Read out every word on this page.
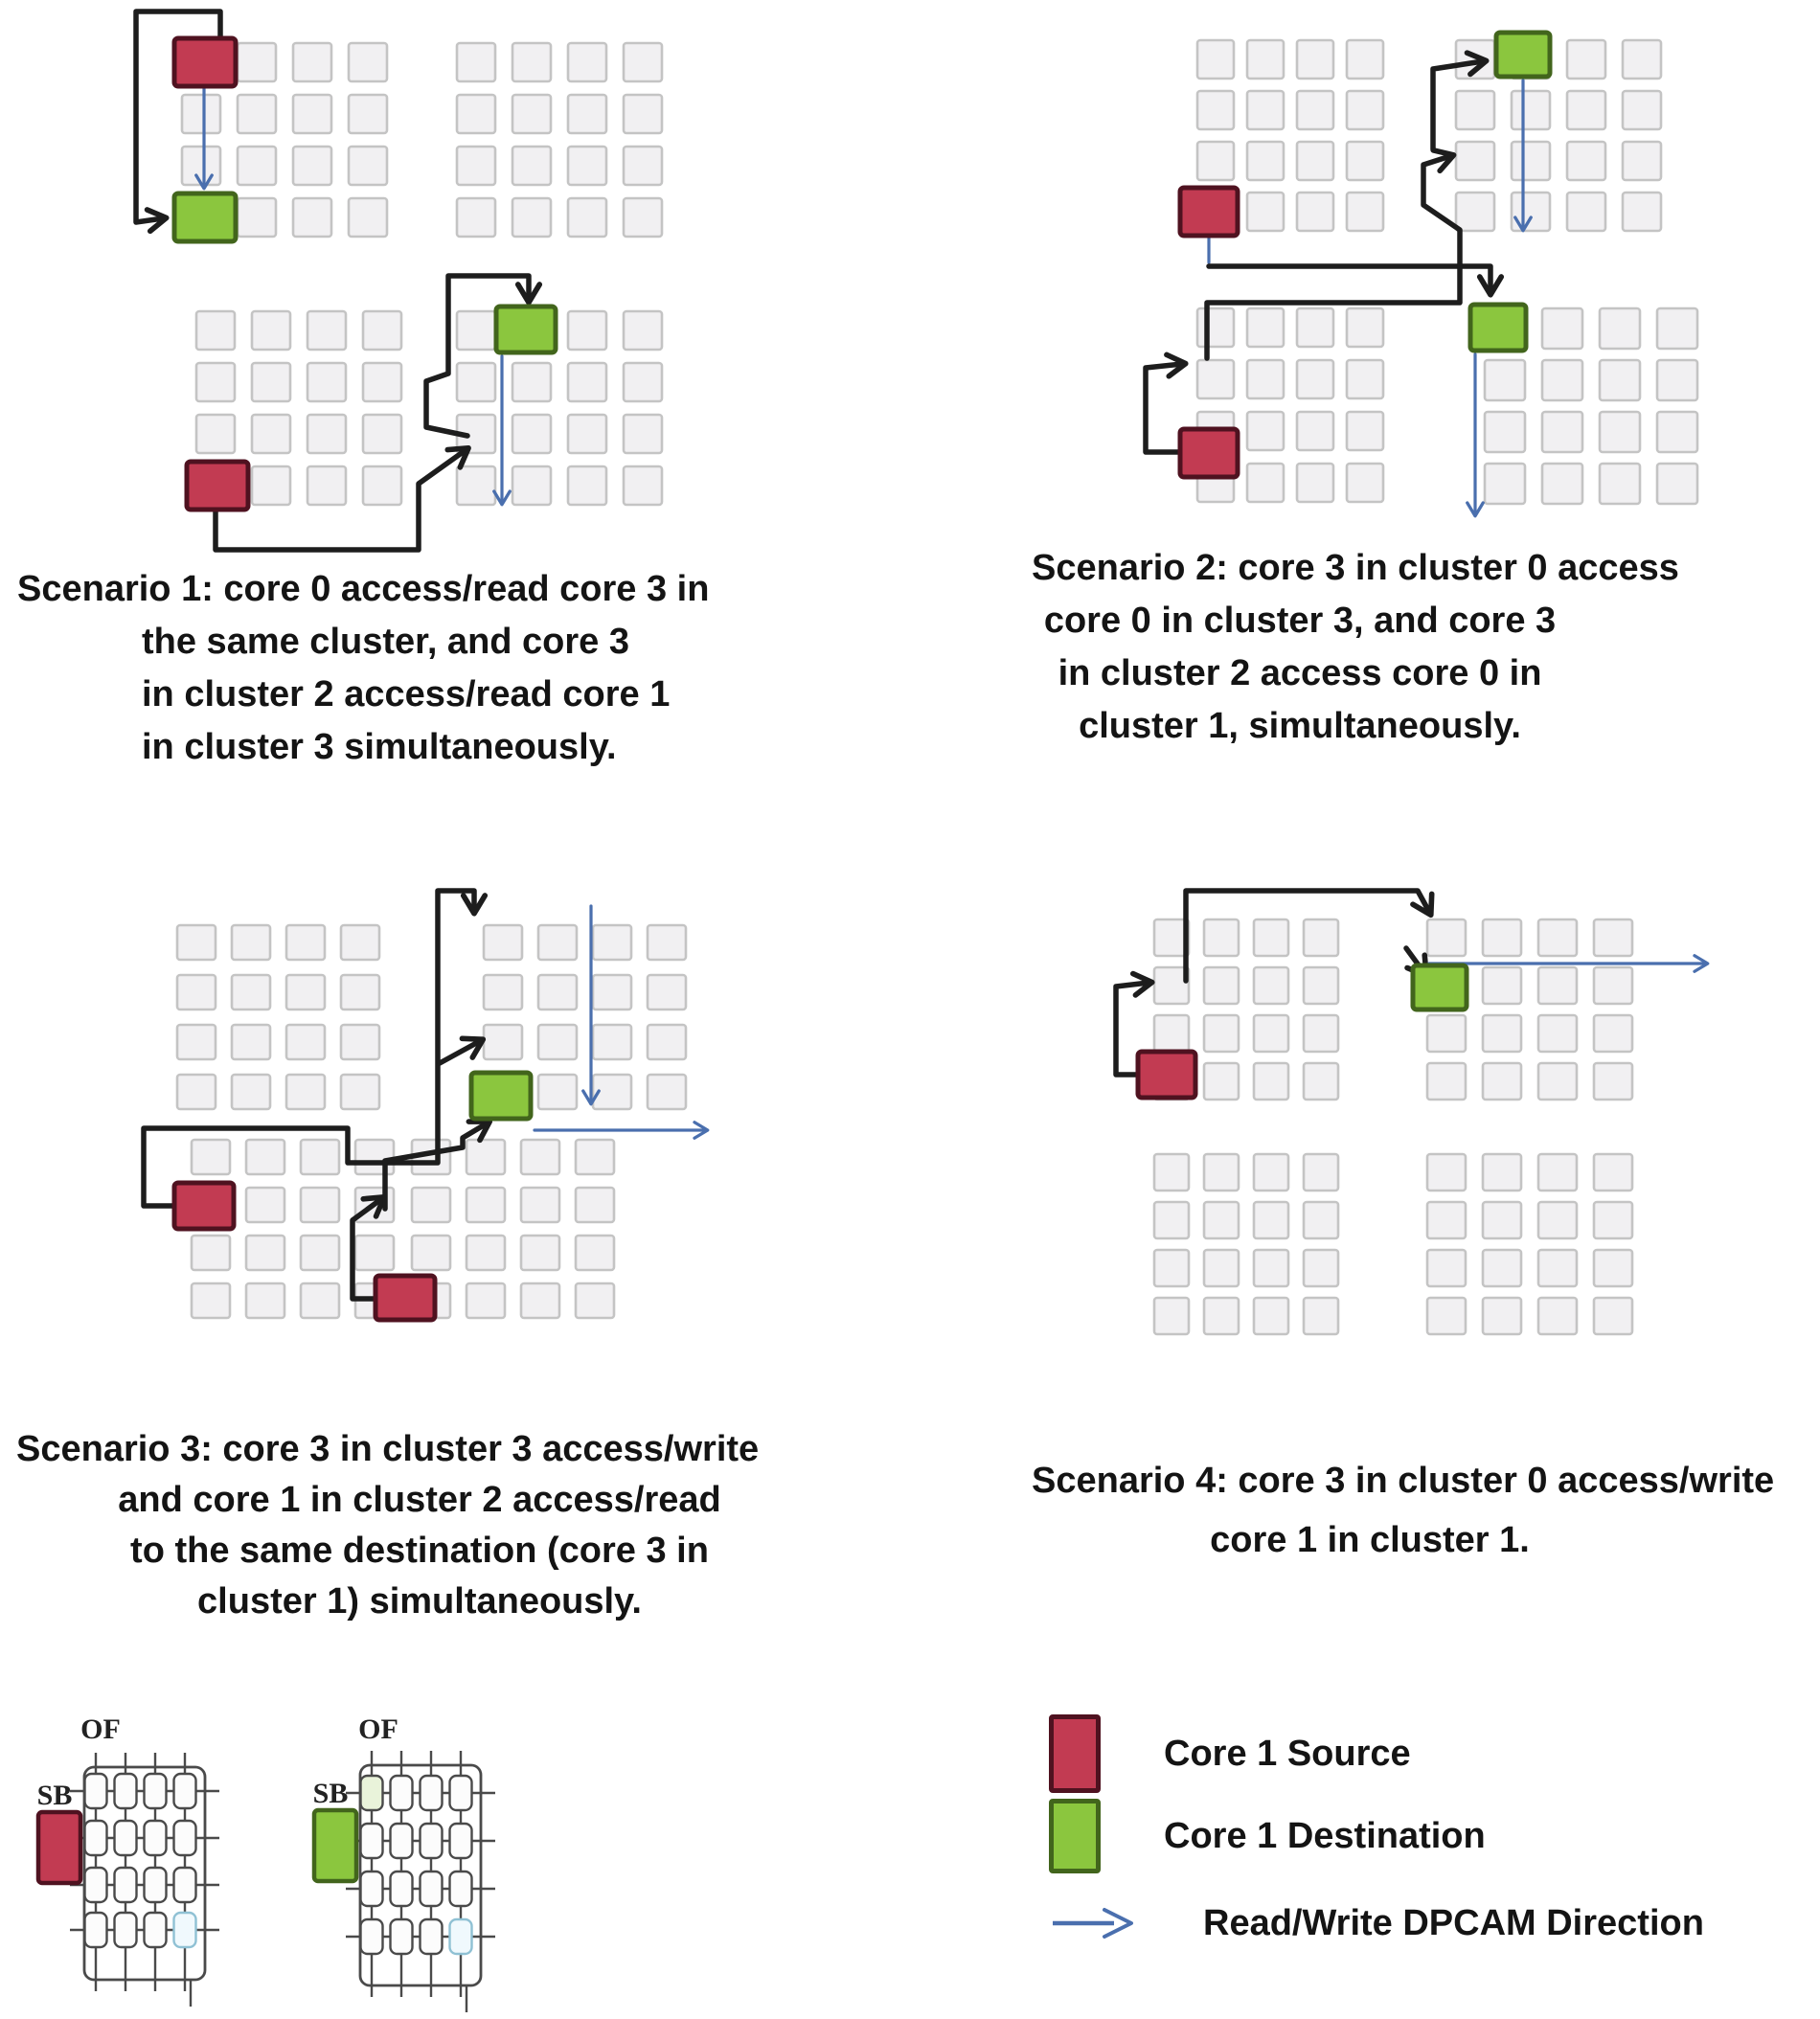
Scenario 1: core 0 access/read core 3 in
the same cluster, and core 3
in cluster 2 access/read core 1
in cluster 3 simultaneously.
Scenario 2: core 3 in cluster 0 access
core 0 in cluster 3, and core 3
in cluster 2 access core 0 in
cluster 1, simultaneously.
Scenario 3: core 3 in cluster 3 access/write
and core 1 in cluster 2 access/read
to the same destination (core 3 in
cluster 1) simultaneously.
Scenario 4: core 3 in cluster 0 access/write
core 1 in cluster 1.
OF
SB
OF
SB
Core 1 Source
Core 1 Destination
Read/Write DPCAM Direction
